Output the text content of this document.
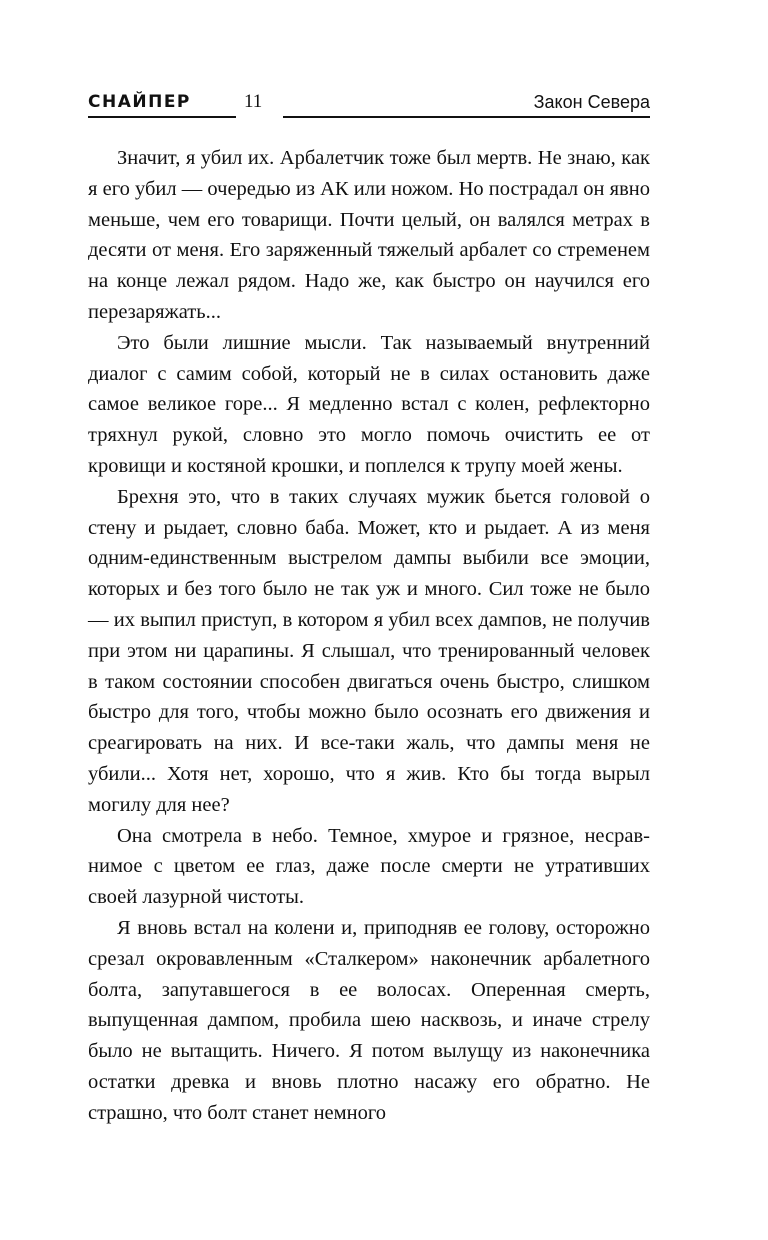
СНАЙПЕР	11	Закон Севера

Значит, я убил их. Арбалетчик тоже был мертв. Не знаю, как я его убил — очередью из АК или ножом. Но пострадал он явно меньше, чем его товарищи. Почти целый, он валялся метрах в десяти от меня. Его заряженный тяжелый арбалет со стременем на конце лежал рядом. Надо же, как быстро он научился его перезаряжать...

Это были лишние мысли. Так называемый внутренний диалог с самим собой, который не в силах остановить даже самое великое горе... Я медленно встал с колен, рефлекторно тряхнул рукой, словно это могло помочь очистить ее от кровищи и костяной крошки, и поплелся к трупу моей жены.

Брехня это, что в таких случаях мужик бьется головой о стену и рыдает, словно баба. Может, кто и рыдает. А из меня одним-единственным выстрелом дампы выбили все эмоции, которых и без того было не так уж и много. Сил тоже не было — их выпил приступ, в котором я убил всех дампов, не получив при этом ни царапины. Я слышал, что тренированный человек в таком состоянии способен двигаться очень быстро, слишком быстро для того, чтобы можно было осознать его движения и среагировать на них. И все-таки жаль, что дампы меня не убили... Хотя нет, хорошо, что я жив. Кто бы тогда вырыл могилу для нее?

Она смотрела в небо. Темное, хмурое и грязное, несравнимое с цветом ее глаз, даже после смерти не утративших своей лазурной чистоты.

Я вновь встал на колени и, приподняв ее голову, осторожно срезал окровавленным «Сталкером» наконечник арбалетного болта, запутавшегося в ее волосах. Оперенная смерть, выпущенная дампом, пробила шею насквозь, и иначе стрелу было не вытащить. Ничего. Я потом вылущу из наконечника остатки древка и вновь плотно насажу его обратно. Не страшно, что болт станет немного
